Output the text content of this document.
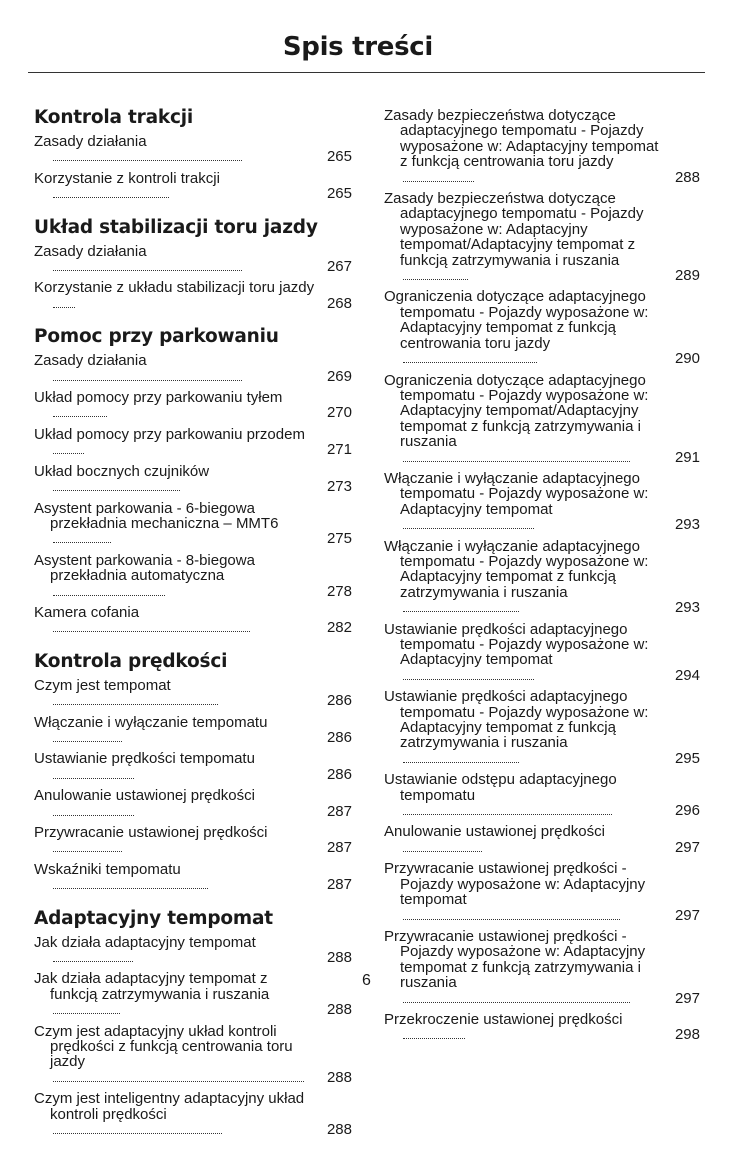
Spis treści
Kontrola trakcji
Zasady działania
265
Korzystanie z kontroli trakcji
265
Układ stabilizacji toru jazdy
Zasady działania
267
Korzystanie z układu stabilizacji toru jazdy
268
Pomoc przy parkowaniu
Zasady działania
269
Układ pomocy przy parkowaniu tyłem
270
Układ pomocy przy parkowaniu przodem
271
Układ bocznych czujników
273
Asystent parkowania - 6-biegowa przekładnia mechaniczna – MMT6
275
Asystent parkowania - 8-biegowa przekładnia automatyczna
278
Kamera cofania
282
Kontrola prędkości
Czym jest tempomat
286
Włączanie i wyłączanie tempomatu
286
Ustawianie prędkości tempomatu
286
Anulowanie ustawionej prędkości
287
Przywracanie ustawionej prędkości
287
Wskaźniki tempomatu
287
Adaptacyjny tempomat
Jak działa adaptacyjny tempomat
288
Jak działa adaptacyjny tempomat z funkcją zatrzymywania i ruszania
288
Czym jest adaptacyjny układ kontroli prędkości z funkcją centrowania toru jazdy
288
Czym jest inteligentny adaptacyjny układ kontroli prędkości
288
Zasady bezpieczeństwa dotyczące adaptacyjnego tempomatu - Pojazdy wyposażone w: Adaptacyjny tempomat z funkcją centrowania toru jazdy
288
Zasady bezpieczeństwa dotyczące adaptacyjnego tempomatu - Pojazdy wyposażone w: Adaptacyjny tempomat/Adaptacyjny tempomat z funkcją zatrzymywania i ruszania
289
Ograniczenia dotyczące adaptacyjnego tempomatu - Pojazdy wyposażone w: Adaptacyjny tempomat z funkcją centrowania toru jazdy
290
Ograniczenia dotyczące adaptacyjnego tempomatu - Pojazdy wyposażone w: Adaptacyjny tempomat/Adaptacyjny tempomat z funkcją zatrzymywania i ruszania
291
Włączanie i wyłączanie adaptacyjnego tempomatu - Pojazdy wyposażone w: Adaptacyjny tempomat
293
Włączanie i wyłączanie adaptacyjnego tempomatu - Pojazdy wyposażone w: Adaptacyjny tempomat z funkcją zatrzymywania i ruszania
293
Ustawianie prędkości adaptacyjnego tempomatu - Pojazdy wyposażone w: Adaptacyjny tempomat
294
Ustawianie prędkości adaptacyjnego tempomatu - Pojazdy wyposażone w: Adaptacyjny tempomat z funkcją zatrzymywania i ruszania
295
Ustawianie odstępu adaptacyjnego tempomatu
296
Anulowanie ustawionej prędkości
297
Przywracanie ustawionej prędkości - Pojazdy wyposażone w: Adaptacyjny tempomat
297
Przywracanie ustawionej prędkości - Pojazdy wyposażone w: Adaptacyjny tempomat z funkcją zatrzymywania i ruszania
297
Przekroczenie ustawionej prędkości
298
6
